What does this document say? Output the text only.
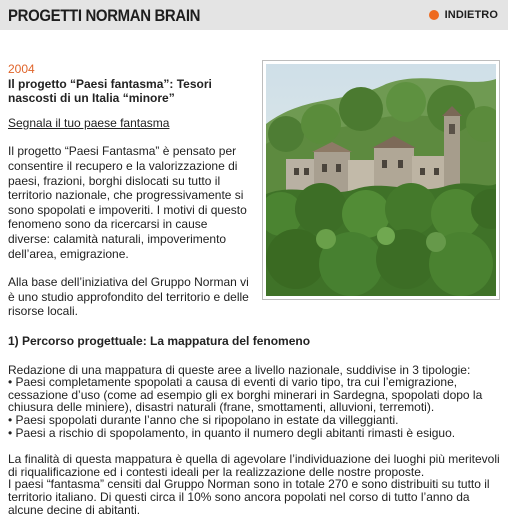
PROGETTI NORMAN BRAIN	INDIETRO
2004
Il progetto “Paesi fantasma”: Tesori nascosti di un Italia “minore”
Segnala il tuo paese fantasma

Il progetto “Paesi Fantasma” è pensato per consentire il recupero e la valorizzazione di paesi, frazioni, borghi dislocati su tutto il territorio nazionale, che progressivamente si sono spopolati e impoveriti. I motivi di questo fenomeno sono da ricercarsi in cause diverse: calamità naturali, impoverimento dell’area, emigrazione.

Alla base dell’iniziativa del Gruppo Norman vi è uno studio approfondito del territorio e delle risorse locali.

1) Percorso progettuale: La mappatura del fenomeno

Redazione di una mappatura di queste aree a livello nazionale, suddivise in 3 tipologie:

• Paesi completamente spopolati a causa di eventi di vario tipo, tra cui l’emigrazione, cessazione d’uso (come ad esempio gli ex borghi minerari in Sardegna, spopolati dopo la chiusura delle miniere), disastri naturali (frane, smottamenti, alluvioni, terremoti).
• Paesi spopolati durante l’anno che si ripopolano in estate da villeggianti.
• Paesi a rischio di spopolamento, in quanto il numero degli abitanti rimasti è esiguo.

La finalità di questa mappatura è quella di agevolare l’individuazione dei luoghi più meritevoli di riqualificazione ed i contesti ideali per la realizzazione delle nostre proposte.

I paesi “fantasma” censiti dal Gruppo Norman sono in totale 270 e sono distribuiti su tutto il territorio italiano. Di questi circa il 10% sono ancora popolati nel corso di tutto l’anno da alcune decine di abitanti.
